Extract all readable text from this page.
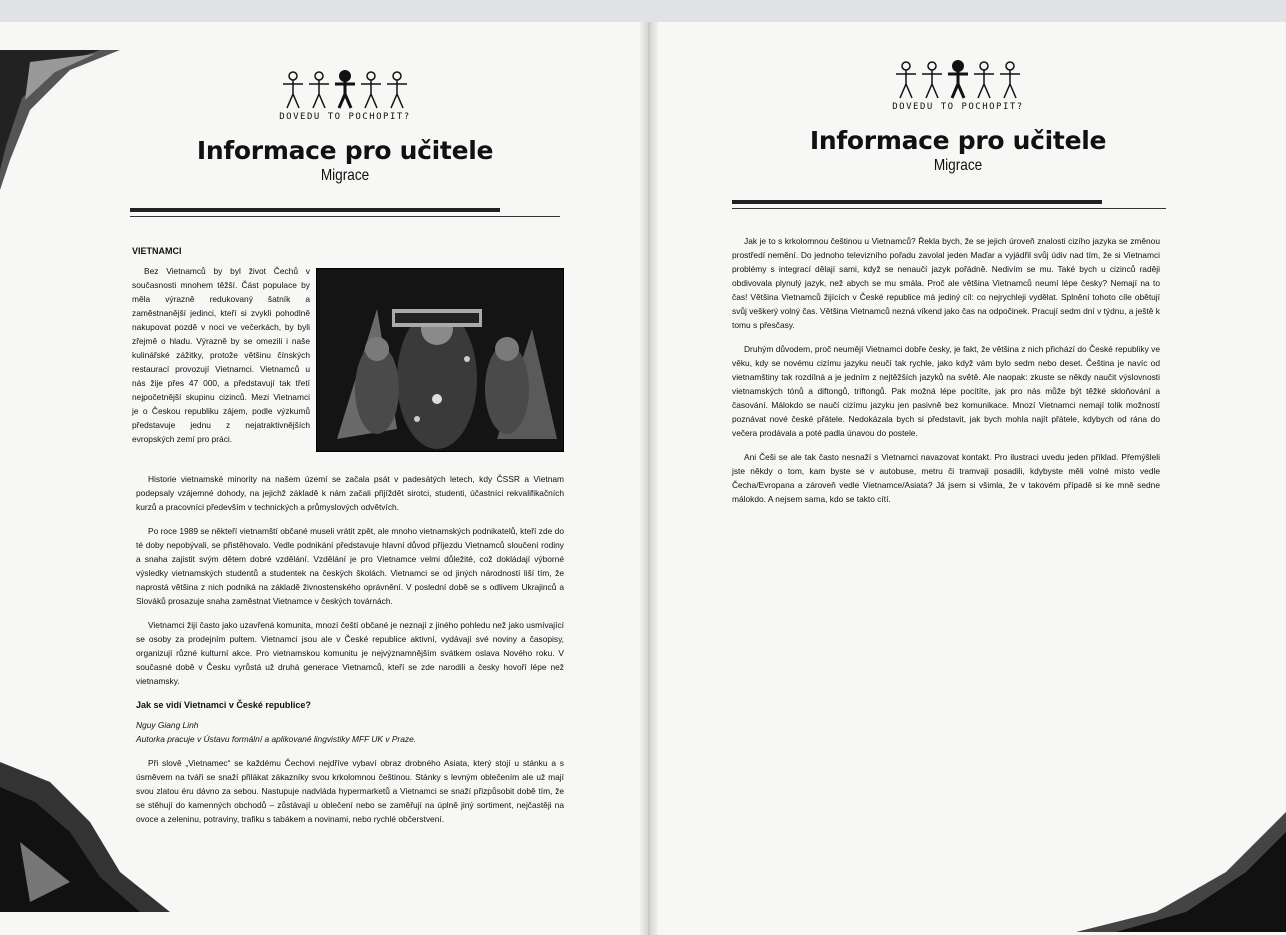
DOVEDU TO POCHOPIT?
Informace pro učitele
Migrace
VIETNAMCI

Bez Vietnamců by byl život Čechů v současnosti mnohem těžší. Část populace by měla výrazně redukovaný šatník a zaměstnanější jedinci, kteří si zvykli pohodlně nakupovat pozdě v noci ve večerkách, by byli zřejmě o hladu. Výrazně by se omezili i naše kulinářské zážitky, protože většinu čínských restaurací provozují Vietnamci. Vietnamců u nás žije přes 47 000, a představují tak třetí nejpočetnější skupinu cizinců. Mezi Vietnamci je o Českou republiku zájem, podle výzkumů představuje jednu z nejatraktivnějších evropských zemí pro práci.

Historie vietnamské minority na našem území se začala psát v padesátých letech, kdy ČSSR a Vietnam podepsaly vzájemné dohody, na jejichž základě k nám začali přijíždět sirotci, studenti, účastníci rekvalifikačních kurzů a pracovníci především v technických a průmyslových odvětvích.

Po roce 1989 se někteří vietnamští občané museli vrátit zpět, ale mnoho vietnamských podnikatelů, kteří zde do té doby nepobývali, se přistěhovalo. Vedle podnikání představuje hlavní důvod příjezdu Vietnamců sloučení rodiny a snaha zajistit svým dětem dobré vzdělání. Vzdělání je pro Vietnamce velmi důležité, což dokládají výborné výsledky vietnamských studentů a studentek na českých školách. Vietnamci se od jiných národností liší tím, že naprostá většina z nich podniká na základě živnostenského oprávnění. V poslední době se s odlivem Ukrajinců a Slováků prosazuje snaha zaměstnat Vietnamce v českých továrnách.

Vietnamci žijí často jako uzavřená komunita, mnozí čeští občané je neznají z jiného pohledu než jako usmívající se osoby za prodejním pultem. Vietnamci jsou ale v České republice aktivní, vydávají své noviny a časopisy, organizují různé kulturní akce. Pro vietnamskou komunitu je nejvýznamnějším svátkem oslava Nového roku. V současné době v Česku vyrůstá už druhá generace Vietnamců, kteří se zde narodili a česky hovoří lépe než vietnamsky.

Jak se vidí Vietnamci v České republice?
Nguy Giang Linh
Autorka pracuje v Ústavu formální a aplikované lingvistiky MFF UK v Praze.

Při slově „Vietnamec“ se každému Čechovi nejdříve vybaví obraz drobného Asiata, který stojí u stánku a s úsměvem na tváři se snaží přilákat zákazníky svou krkolomnou češtinou. Stánky s levným oblečením ale už mají svou zlatou éru dávno za sebou. Nastupuje nadvláda hypermarketů a Vietnamci se snaží přizpůsobit době tím, že se stěhují do kamenných obchodů – zůstávají u oblečení nebo se zaměřují na úplně jiný sortiment, nejčastěji na ovoce a zeleninu, potraviny, trafiku s tabákem a novinami, nebo rychlé občerstvení.

DOVEDU TO POCHOPIT?
Informace pro učitele
Migrace

Jak je to s krkolomnou češtinou u Vietnamců? Řekla bych, že se jejich úroveň znalosti cizího jazyka se změnou prostředí nemění. Do jednoho televizního pořadu zavolal jeden Maďar a vyjádřil svůj údiv nad tím, že si Vietnamci problémy s integrací dělají sami, když se nenaučí jazyk pořádně. Nedivím se mu. Také bych u cizinců raději obdivovala plynulý jazyk, než abych se mu smála. Proč ale většina Vietnamců neumí lépe česky? Nemají na to čas! Většina Vietnamců žijících v České republice má jediný cíl: co nejrychleji vydělat. Splnění tohoto cíle obětují svůj veškerý volný čas. Většina Vietnamců nezná víkend jako čas na odpočinek. Pracují sedm dní v týdnu, a ještě k tomu s přesčasy.

Druhým důvodem, proč neumějí Vietnamci dobře česky, je fakt, že většina z nich přichází do České republiky ve věku, kdy se novému cizímu jazyku neučí tak rychle, jako když vám bylo sedm nebo deset. Čeština je navíc od vietnamštiny tak rozdílná a je jedním z nejtěžších jazyků na světě. Ale naopak: zkuste se někdy naučit výslovnosti vietnamských tónů a diftongů, triftongů. Pak možná lépe pocítíte, jak pro nás může být těžké skloňování a časování. Málokdo se naučí cizímu jazyku jen pasivně bez komunikace. Mnozí Vietnamci nemají tolik možností poznávat nové české přátele. Nedokázala bych si představit, jak bych mohla najít přátele, kdybych od rána do večera prodávala a poté padla únavou do postele.

Ani Češi se ale tak často nesnaží s Vietnamci navazovat kontakt. Pro ilustraci uvedu jeden příklad. Přemýšleli jste někdy o tom, kam byste se v autobuse, metru či tramvaji posadili, kdybyste měli volné místo vedle Čecha/Evropana a zároveň vedle Vietnamce/Asiata? Já jsem si všimla, že v takovém případě si ke mně sedne málokdo. A nejsem sama, kdo se takto cítí.
